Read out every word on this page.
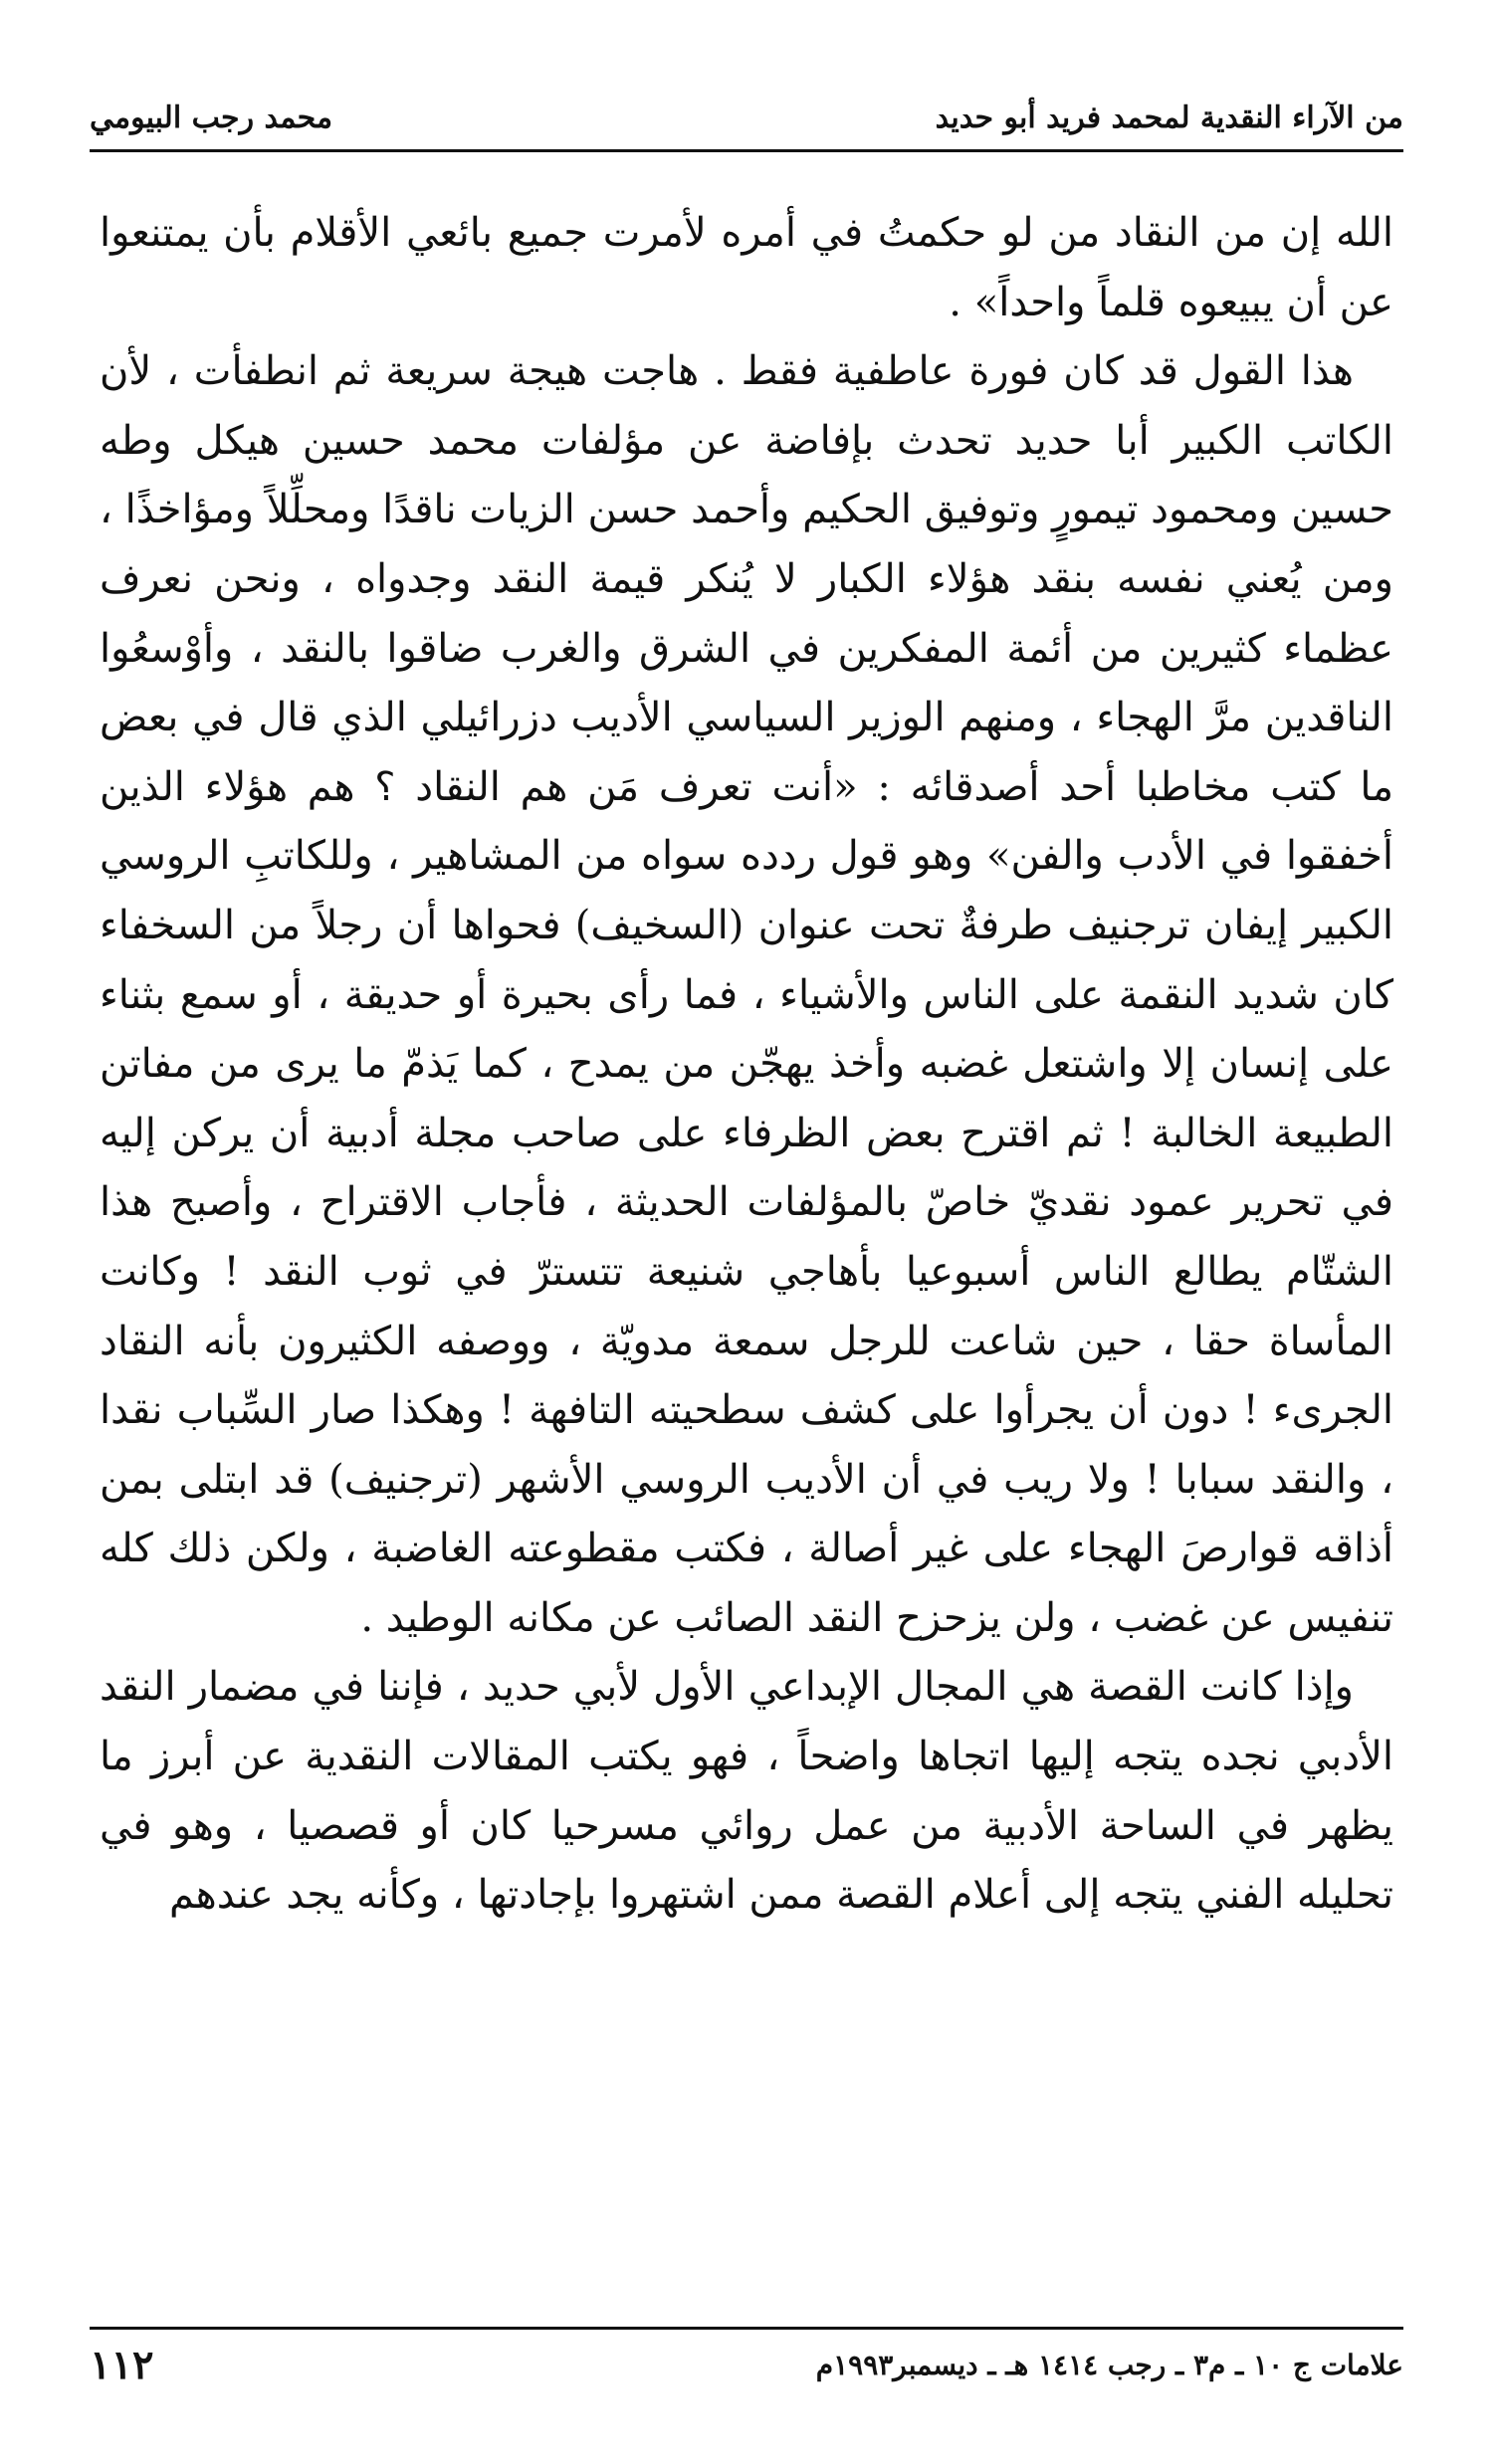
من الآراء النقدية لمحمد فريد أبو حديد
محمد رجب البيومي

الله إن من النقاد من لو حكمتُ في أمره لأمرت جميع بائعي الأقلام بأن يمتنعوا عن أن يبيعوه قلماً واحداً» .

هذا القول قد كان فورة عاطفية فقط . هاجت هيجة سريعة ثم انطفأت ، لأن الكاتب الكبير أبا حديد تحدث بإفاضة عن مؤلفات محمد حسين هيكل وطه حسين ومحمود تيمورٍ وتوفيق الحكيم وأحمد حسن الزيات ناقدًا ومحلِّلاً ومؤاخذًا ، ومن يُعني نفسه بنقد هؤلاء الكبار لا يُنكر قيمة النقد وجدواه ، ونحن نعرف عظماء كثيرين من أئمة المفكرين في الشرق والغرب ضاقوا بالنقد ، وأوْسعُوا الناقدين مرَّ الهجاء ، ومنهم الوزير السياسي الأديب دزرائيلي الذي قال في بعض ما كتب مخاطبا أحد أصدقائه : «أنت تعرف مَن هم النقاد ؟ هم هؤلاء الذين أخفقوا في الأدب والفن» وهو قول ردده سواه من المشاهير ، وللكاتبِ الروسي الكبير إيفان ترجنيف طرفةٌ تحت عنوان (السخيف) فحواها أن رجلاً من السخفاء كان شديد النقمة على الناس والأشياء ، فما رأى بحيرة أو حديقة ، أو سمع بثناء على إنسان إلا واشتعل غضبه وأخذ يهجّن من يمدح ، كما يَذمّ ما يرى من مفاتن الطبيعة الخالبة ! ثم اقترح بعض الظرفاء على صاحب مجلة أدبية أن يركن إليه في تحرير عمود نقديّ خاصّ بالمؤلفات الحديثة ، فأجاب الاقتراح ، وأصبح هذا الشتّام يطالع الناس أسبوعيا بأهاجي شنيعة تتسترّ في ثوب النقد ! وكانت المأساة حقا ، حين شاعت للرجل سمعة مدويّة ، ووصفه الكثيرون بأنه النقاد الجرىء ! دون أن يجرأوا على كشف سطحيته التافهة ! وهكذا صار السِّباب نقدا ، والنقد سبابا ! ولا ريب في أن الأديب الروسي الأشهر (ترجنيف) قد ابتلى بمن أذاقه قوارصَ الهجاء على غير أصالة ، فكتب مقطوعته الغاضبة ، ولكن ذلك كله تنفيس عن غضب ، ولن يزحزح النقد الصائب عن مكانه الوطيد .

وإذا كانت القصة هي المجال الإبداعي الأول لأبي حديد ، فإننا في مضمار النقد الأدبي نجده يتجه إليها اتجاها واضحاً ، فهو يكتب المقالات النقدية عن أبرز ما يظهر في الساحة الأدبية من عمل روائي مسرحيا كان أو قصصيا ، وهو في تحليله الفني يتجه إلى أعلام القصة ممن اشتهروا بإجادتها ، وكأنه يجد عندهم

علامات ج ١٠ ـ م٣ ـ رجب ١٤١٤ هـ ـ ديسمبر١٩٩٣م
١١٢
